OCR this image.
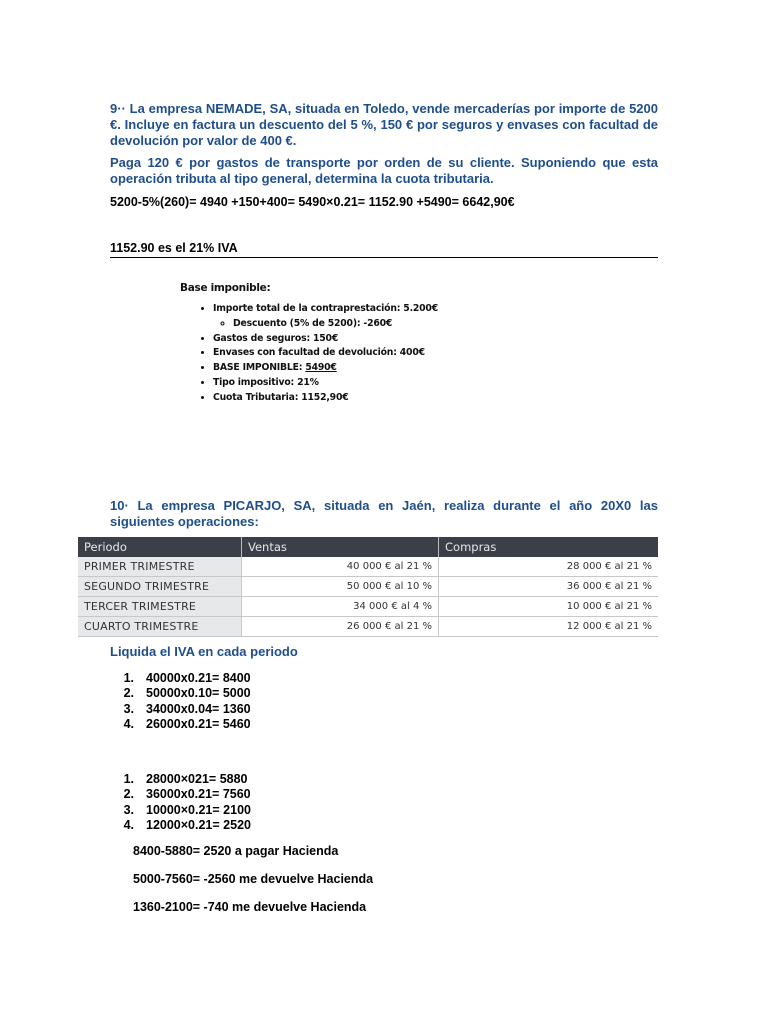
9·· La empresa NEMADE, SA, situada en Toledo, vende mercaderías por importe de 5200 €. Incluye en factura un descuento del 5 %, 150 € por seguros y envases con facultad de devolución por valor de 400 €.
Paga 120 € por gastos de transporte por orden de su cliente. Suponiendo que esta operación tributa al tipo general, determina la cuota tributaria.
5200-5%(260)= 4940 +150+400= 5490×0.21= 1152.90 +5490= 6642,90€
1152.90 es el 21% IVA
Base imponible:
• Importe total de la contraprestación: 5.200€
◦ Descuento (5% de 5200): -260€
• Gastos de seguros: 150€
• Envases con facultad de devolución: 400€
• BASE IMPONIBLE: 5490€
• Tipo impositivo: 21%
• Cuota Tributaria: 1152,90€
10· La empresa PICARJO, SA, situada en Jaén, realiza durante el año 20X0 las siguientes operaciones:
Periodo	Ventas	Compras
PRIMER TRIMESTRE	40 000 € al 21 %	28 000 € al 21 %
SEGUNDO TRIMESTRE	50 000 € al 10 %	36 000 € al 21 %
TERCER TRIMESTRE	34 000 € al 4 %	10 000 € al 21 %
CUARTO TRIMESTRE	26 000 € al 21 %	12 000 € al 21 %
Liquida el IVA en cada periodo
1. 40000x0.21= 8400
2. 50000x0.10= 5000
3. 34000x0.04= 1360
4. 26000x0.21= 5460
1. 28000×021= 5880
2. 36000x0.21= 7560
3. 10000×0.21= 2100
4. 12000×0.21= 2520
8400-5880= 2520 a pagar Hacienda
5000-7560= -2560 me devuelve Hacienda
1360-2100= -740 me devuelve Hacienda
